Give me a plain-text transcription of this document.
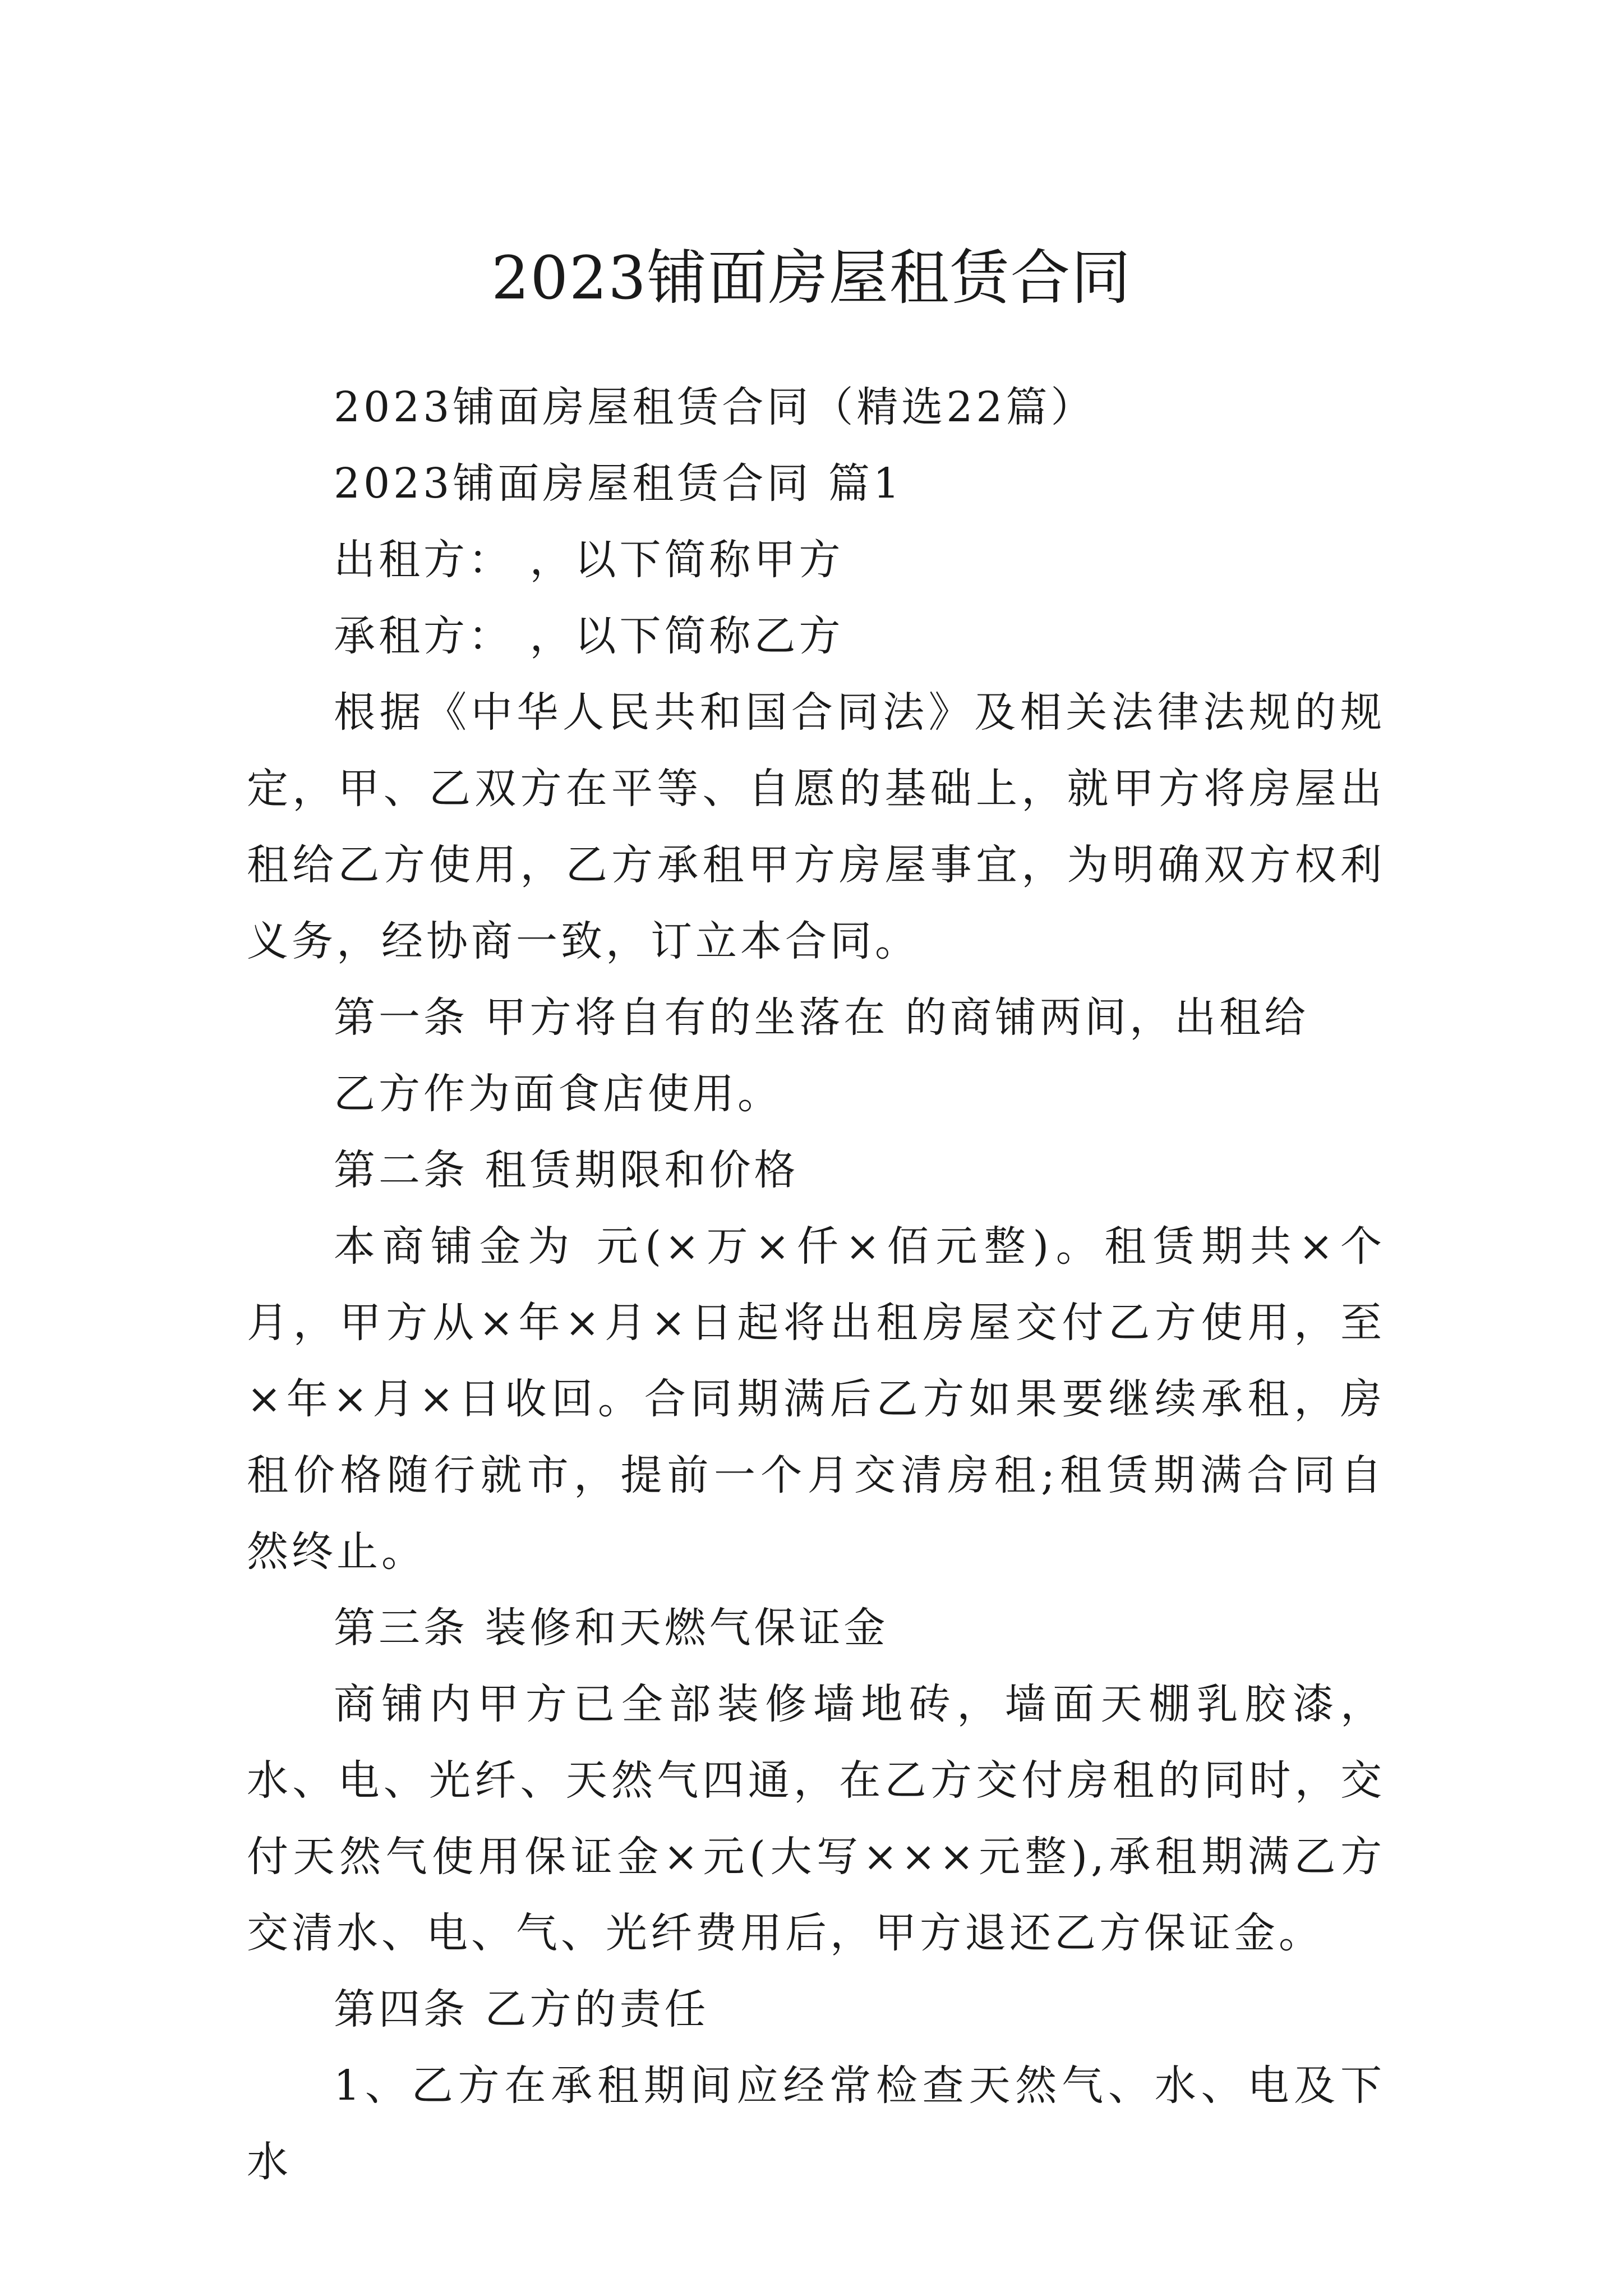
2023铺面房屋租赁合同

2023铺面房屋租赁合同（精选22篇）

2023铺面房屋租赁合同 篇1

出租方： ，以下简称甲方

承租方： ，以下简称乙方

根据《中华人民共和国合同法》及相关法律法规的规定，甲、乙双方在平等、自愿的基础上，就甲方将房屋出租给乙方使用，乙方承租甲方房屋事宜，为明确双方权利义务，经协商一致，订立本合同。

第一条 甲方将自有的坐落在 的商铺两间，出租给

乙方作为面食店使用。

第二条 租赁期限和价格

本商铺金为 元(×万×仟×佰元整)。租赁期共×个月，甲方从×年×月×日起将出租房屋交付乙方使用，至×年×月×日收回。合同期满后乙方如果要继续承租，房租价格随行就市，提前一个月交清房租;租赁期满合同自然终止。

第三条 装修和天燃气保证金

商铺内甲方已全部装修墙地砖，墙面天棚乳胶漆，水、电、光纤、天然气四通，在乙方交付房租的同时，交付天然气使用保证金×元(大写×××元整),承租期满乙方交清水、电、气、光纤费用后，甲方退还乙方保证金。

第四条 乙方的责任

1、乙方在承租期间应经常检查天然气、水、电及下水
